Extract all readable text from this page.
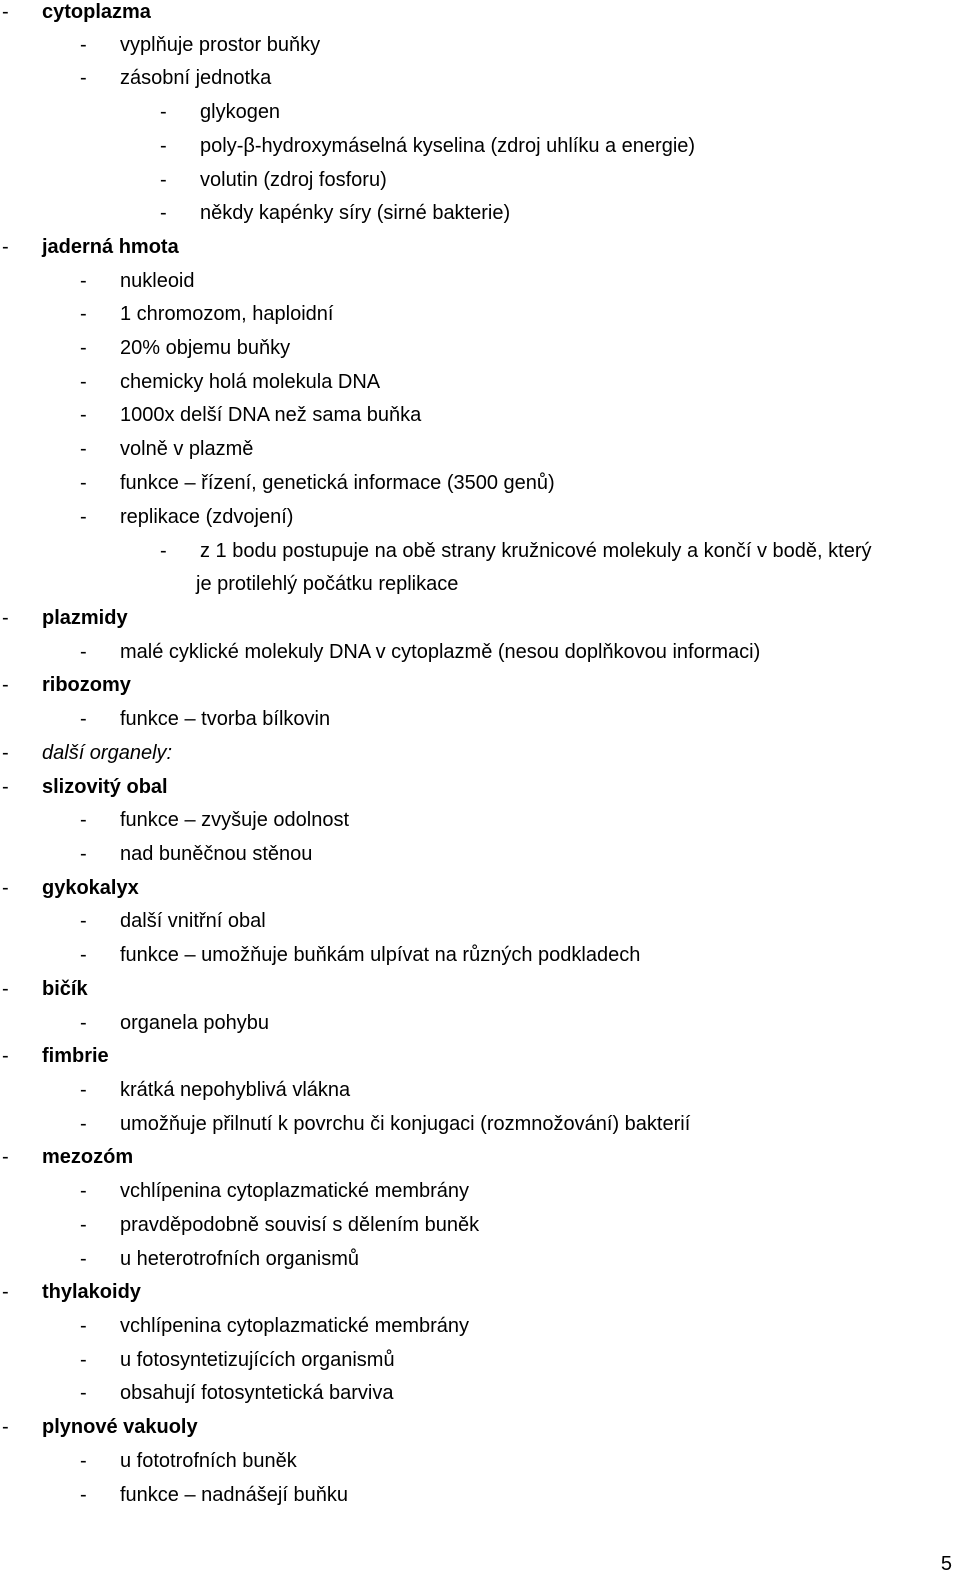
- cytoplazma
- vyplňuje prostor buňky
- zásobní jednotka
- glykogen
- poly-β-hydroxymáselná kyselina (zdroj uhlíku a energie)
- volutin (zdroj fosforu)
- někdy kapénky síry (sirné bakterie)
- jaderná hmota
- nukleoid
- 1 chromozom, haploidní
- 20% objemu buňky
- chemicky holá molekula DNA
- 1000x delší DNA než sama buňka
- volně v plazmě
- funkce – řízení, genetická informace (3500 genů)
- replikace (zdvojení)
- z 1 bodu postupuje na obě strany kružnicové molekuly a končí v bodě, který
je protilehlý počátku replikace
- plazmidy
- malé cyklické molekuly DNA v cytoplazmě (nesou doplňkovou informaci)
- ribozomy
- funkce – tvorba bílkovin
- další organely:
- slizovitý obal
- funkce – zvyšuje odolnost
- nad buněčnou stěnou
- gykokalyx
- další vnitřní obal
- funkce – umožňuje buňkám ulpívat na různých podkladech
- bičík
- organela pohybu
- fimbrie
- krátká nepohyblivá vlákna
- umožňuje přilnutí k povrchu či konjugaci (rozmnožování) bakterií
- mezozóm
- vchlípenina cytoplazmatické membrány
- pravděpodobně souvisí s dělením buněk
- u heterotrofních organismů
- thylakoidy
- vchlípenina cytoplazmatické membrány
- u fotosyntetizujících organismů
- obsahují fotosyntetická barviva
- plynové vakuoly
- u fototrofních buněk
- funkce – nadnášejí buňku
5
